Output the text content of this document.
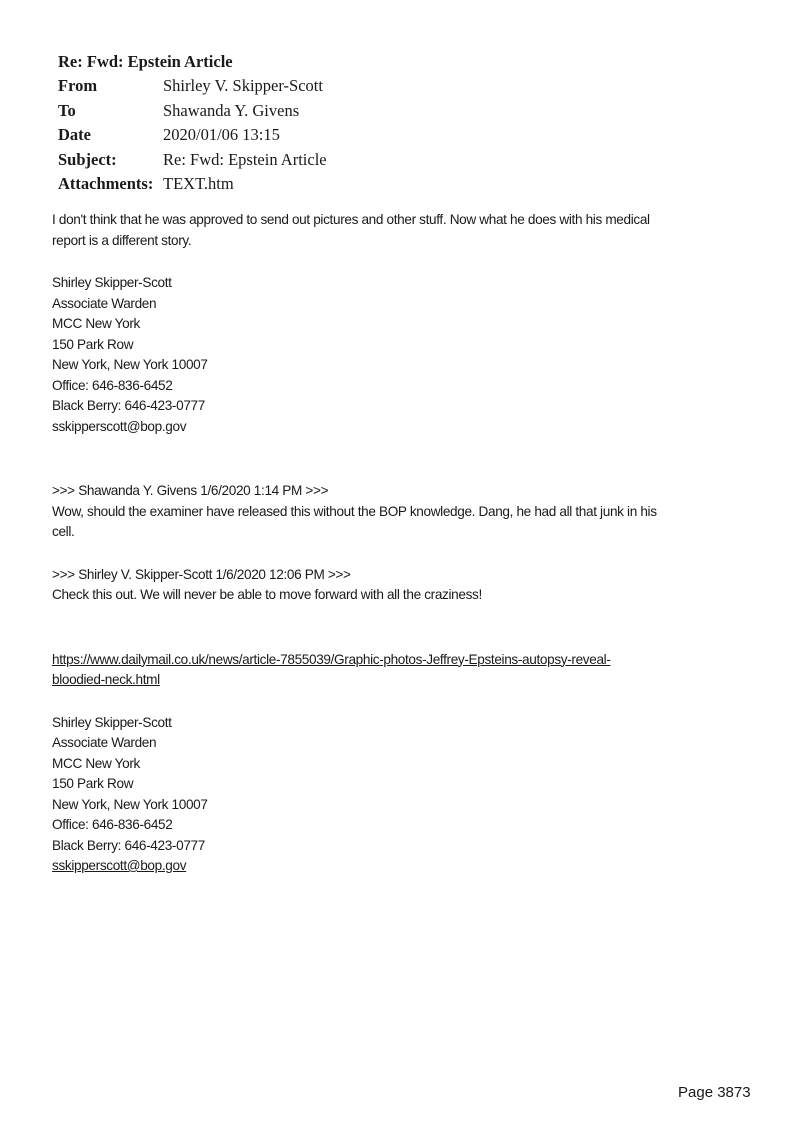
Re: Fwd: Epstein Article
From	Shirley V. Skipper-Scott
To	Shawanda Y. Givens
Date	2020/01/06 13:15
Subject:	Re: Fwd: Epstein Article
Attachments: TEXT.htm
I don't think that he was approved to send out pictures and other stuff. Now what he does with his medical
report is a different story.
Shirley Skipper-Scott
Associate Warden
MCC New York
150 Park Row
New York, New York 10007
Office: 646-836-6452
Black Berry: 646-423-0777
sskipperscott@bop.gov
>>> Shawanda Y. Givens 1/6/2020 1:14 PM >>>
Wow, should the examiner have released this without the BOP knowledge. Dang, he had all that junk in his
cell.
>>> Shirley V. Skipper-Scott 1/6/2020 12:06 PM >>>
Check this out. We will never be able to move forward with all the craziness!
https://www.dailymail.co.uk/news/article-7855039/Graphic-photos-Jeffrey-Epsteins-autopsy-reveal-
bloodied-neck.html
Shirley Skipper-Scott
Associate Warden
MCC New York
150 Park Row
New York, New York 10007
Office: 646-836-6452
Black Berry: 646-423-0777
sskipperscott@bop.gov
Page 3873
